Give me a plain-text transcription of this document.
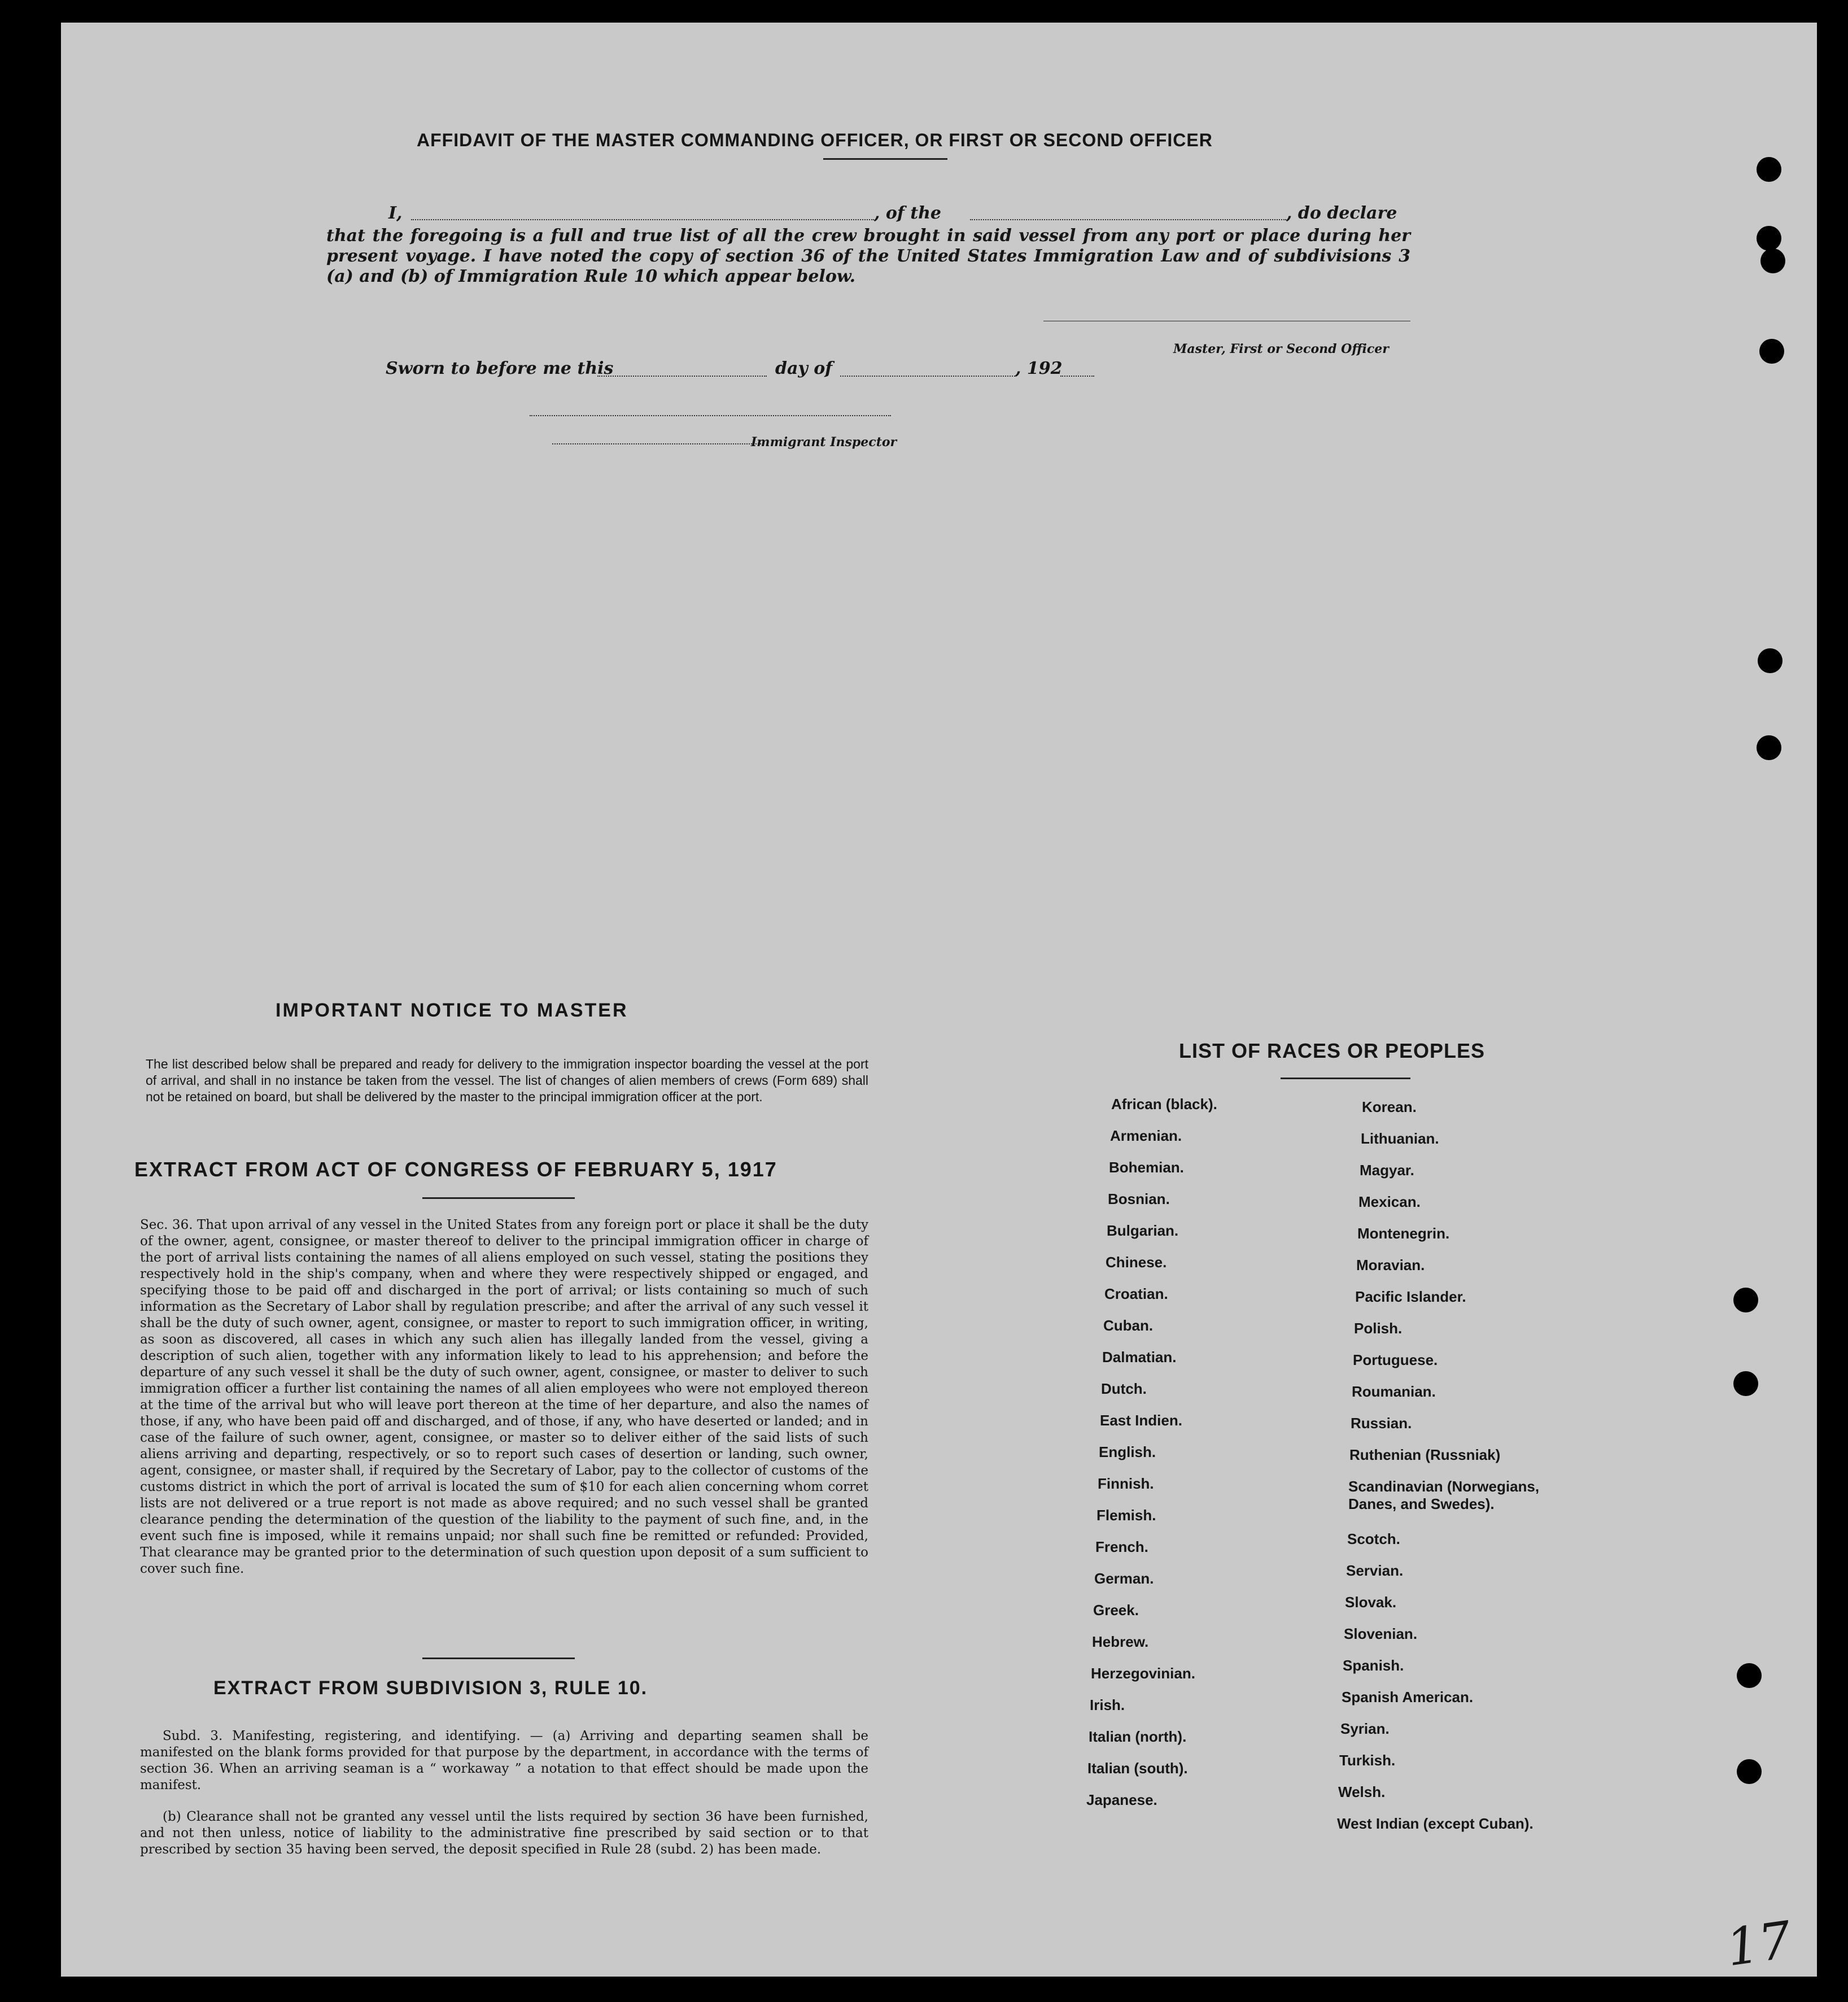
AFFIDAVIT OF THE MASTER COMMANDING OFFICER, OR FIRST OR SECOND OFFICER
I,	, of the	, do declare
that the foregoing is a full and true list of all the crew brought in said vessel from any port or place during her present voyage. I have noted the copy of section 36 of the United States Immigration Law and of subdivisions 3 (a) and (b) of Immigration Rule 10 which appear below.
Master, First or Second Officer
Sworn to before me this	day of	, 192
Immigrant Inspector
IMPORTANT NOTICE TO MASTER
The list described below shall be prepared and ready for delivery to the immigration inspector boarding the vessel at the port of arrival, and shall in no instance be taken from the vessel. The list of changes of alien members of crews (Form 689) shall not be retained on board, but shall be delivered by the master to the principal immigration officer at the port.
EXTRACT FROM ACT OF CONGRESS OF FEBRUARY 5, 1917
Sec. 36. That upon arrival of any vessel in the United States from any foreign port or place it shall be the duty of the owner, agent, consignee, or master thereof to deliver to the principal immigration officer in charge of the port of arrival lists containing the names of all aliens employed on such vessel, stating the positions they respectively hold in the ship's company, when and where they were respectively shipped or engaged, and specifying those to be paid off and discharged in the port of arrival; or lists containing so much of such information as the Secretary of Labor shall by regulation prescribe; and after the arrival of any such vessel it shall be the duty of such owner, agent, consignee, or master to report to such immigration officer, in writing, as soon as discovered, all cases in which any such alien has illegally landed from the vessel, giving a description of such alien, together with any information likely to lead to his apprehension; and before the departure of any such vessel it shall be the duty of such owner, agent, consignee, or master to deliver to such immigration officer a further list containing the names of all alien employees who were not employed thereon at the time of the arrival but who will leave port thereon at the time of her departure, and also the names of those, if any, who have been paid off and discharged, and of those, if any, who have deserted or landed; and in case of the failure of such owner, agent, consignee, or master so to deliver either of the said lists of such aliens arriving and departing, respectively, or so to report such cases of desertion or landing, such owner, agent, consignee, or master shall, if required by the Secretary of Labor, pay to the collector of customs of the customs district in which the port of arrival is located the sum of $10 for each alien concerning whom corret lists are not delivered or a true report is not made as above required; and no such vessel shall be granted clearance pending the determination of the question of the liability to the payment of such fine, and, in the event such fine is imposed, while it remains unpaid; nor shall such fine be remitted or refunded: Provided, That clearance may be granted prior to the determination of such question upon deposit of a sum sufficient to cover such fine.
EXTRACT FROM SUBDIVISION 3, RULE 10.
Subd. 3. Manifesting, registering, and identifying. — (a) Arriving and departing seamen shall be manifested on the blank forms provided for that purpose by the department, in accordance with the terms of section 36. When an arriving seaman is a “ workaway ” a notation to that effect should be made upon the manifest.
(b) Clearance shall not be granted any vessel until the lists required by section 36 have been furnished, and not then unless, notice of liability to the administrative fine prescribed by said section or to that prescribed by section 35 having been served, the deposit specified in Rule 28 (subd. 2) has been made.
LIST OF RACES OR PEOPLES
African (black).
Armenian.
Bohemian.
Bosnian.
Bulgarian.
Chinese.
Croatian.
Cuban.
Dalmatian.
Dutch.
East Indien.
English.
Finnish.
Flemish.
French.
German.
Greek.
Hebrew.
Herzegovinian.
Irish.
Italian (north).
Italian (south).
Japanese.
Korean.
Lithuanian.
Magyar.
Mexican.
Montenegrin.
Moravian.
Pacific Islander.
Polish.
Portuguese.
Roumanian.
Russian.
Ruthenian (Russniak)
Scandinavian (Norwegians, Danes, and Swedes).
Scotch.
Servian.
Slovak.
Slovenian.
Spanish.
Spanish American.
Syrian.
Turkish.
Welsh.
West Indian (except Cuban).
17
